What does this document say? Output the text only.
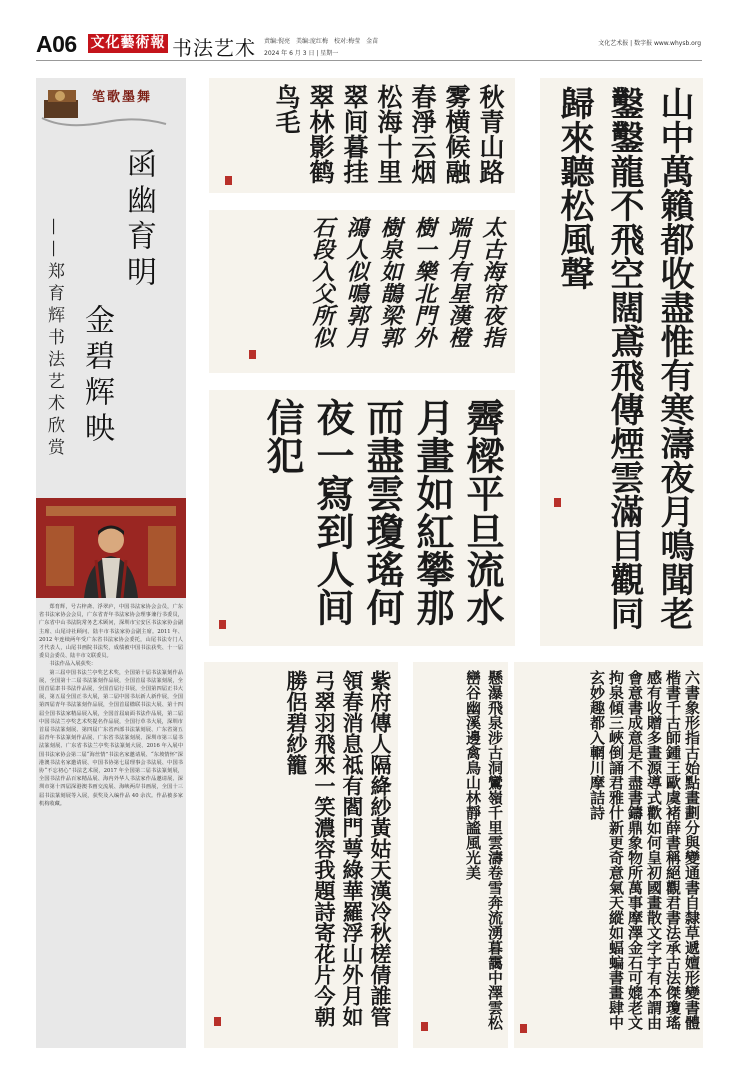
A06 文化藝術報 书法艺术 责编:倪亮　美编:庞红梅　校对:梅莹　金苗
2024 年 6 月 3 日 | 星期一
文化艺术报 | 数字报 www.whysb.org
笔歌墨舞
函幽育明
金碧辉映
——郑育辉书法艺术欣赏

郑育辉，号古梓斋、浮翠庐，中国书法家协会会员，广东省书法家协会会员，广东省青年书法家协会理事兼行书委员，广东省中山书法院常务艺术顾问，深圳市宝安区书法家协会副主席、山尾诗社顾问、陆丰市书法家协会副主席。2011 年、2012 年连续两年受广东省书法家协会委托，山尾书法专门人才代表人，山尾书画院书法奖，成绩被中国书法获奖、十一届委员会委员、陆丰市文联委员。

书法作品入展获奖：

第三届中国书法兰亭奖艺术奖，全国第十届书法篆刻作品展，全国第十二届书法篆刻作品展，全国首届书法篆刻展，全国首届隶书书法作品展，全国首届行书展，全国第四届正书大展，第五届全国正书大展，第二届中国书坛新人新作展，全国第四届青年书法篆刻作品展，全国首届楹联书法大展、第十四届全国书法家精品展入展，全国首届扇面书法作品展，第二届中国书法兰亭奖艺术奖提名作品展，全国行草书大展，深圳市首届书法篆刻展、第四届广东省西部书法篆刻展、广东省第五届青年书法篆刻作品展、广东省书法篆刻展、深圳市第三届书法篆刻展、广东省书法兰亭奖书法篆刻大展、2016 年入展中国书法家协会第二届“海丝情”书法名家邀请展、“东坡情怀”深港澳书法名家邀请展、中国书协第七届理事会书法展、中国书协“不忘初心”书法艺术展，2017 年全国第二届书法篆刻展，全国书法作品百家精品展、海内外华人书法家作品邀请展、深圳市第十四届深港澳书画交流展、海峡两岸书画展，全国十三届书法篆刻展等入展，获奖及入编作品 40 余次。作品被多家机构收藏。

秋青山路雾横候融春淨云烟松海十里翠间暮挂翠林影鹤鸟毛
太古海帘夜指端月有星漢橙樹一樂北門外樹泉如鵲梁郭鴻人似鳴郭月石段入父所似
霽樑平旦流水月畫如紅攀那而盡雲瓊瑤何夜一寫到人间信犯	山中萬籟都收盡惟有寒濤夜月鳴聞老鑿鑿龍不飛空闊鳶飛傳煙雲滿目觀同歸來聽松風聲
紫府傳人隔絳紗黃姑天漢冷秋槎倩誰管領春消息祗有閻門萼綠華羅浮山外月如弓翠羽飛來一笑濃容我題詩寄花片今朝勝侶碧紗籠	懸瀑飛泉涉古洞鸞嶺千里雲濤卷雪奔流湧暮靄中澤雲松巒谷幽溪邊禽鳥山林靜謐風光美	六書象形指古始點畫劃分與變通書自隸草遞嬗形變書體楷書千古師鍾王歐虞褚薛書稱絕觀君書法承古法傑瓊瑤感有收贈多畫源導式歡如何皇初國畫散文字宇有本謂由會意書成意是不盡書鑄鼎象物所萬事摩澤金石可媲老文拘泉傾三峽倒誦君雅什新更奇意氣天縱如蝠蝙書畫肆中玄妙趣都入輞川摩詰詩
